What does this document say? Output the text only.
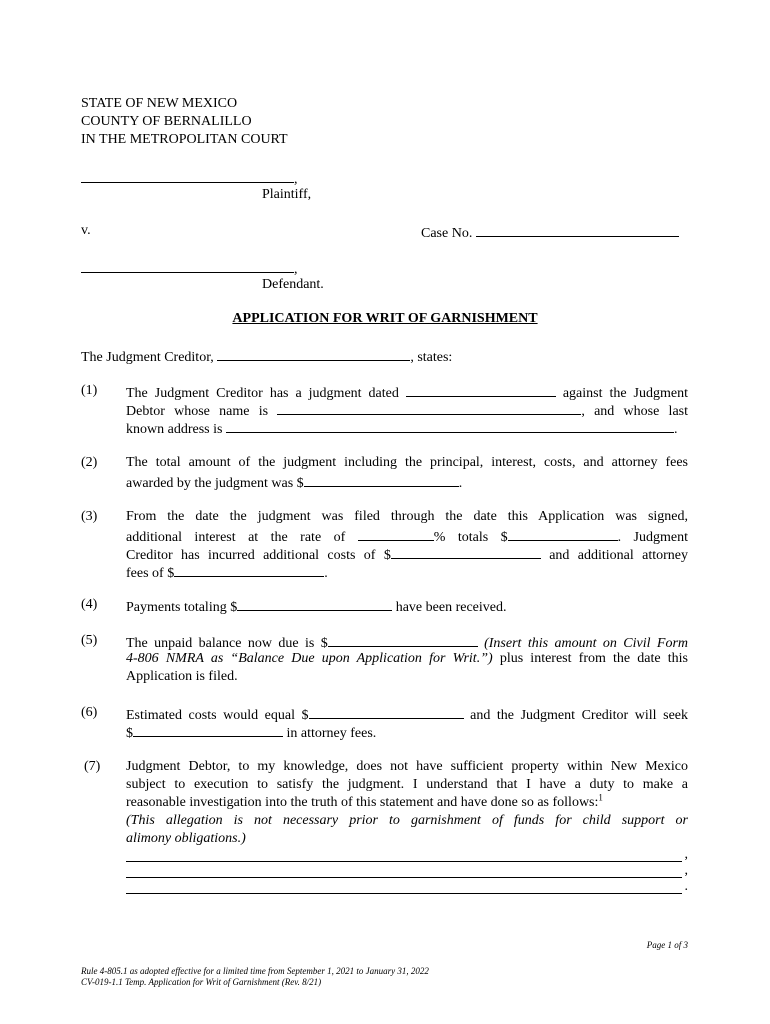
STATE OF NEW MEXICO
COUNTY OF BERNALILLO
IN THE METROPOLITAN COURT
,
Plaintiff,
v.	Case No.
,
Defendant.
APPLICATION FOR WRIT OF GARNISHMENT
The Judgment Creditor,	, states:
(1) The Judgment Creditor has a judgment dated	against the Judgment
Debtor whose name is	, and whose last
known address is	.
(2) The total amount of the judgment including the principal, interest, costs, and attorney fees
awarded by the judgment was $	.
(3) From the date the judgment was filed through the date this Application was signed,
additional interest at the rate of	% totals $	. Judgment
Creditor has incurred additional costs of $	and additional attorney
fees of $	.
(4) Payments totaling $	have been received.
(5) The unpaid balance now due is $	(Insert this amount on Civil Form
4-806 NMRA as “Balance Due upon Application for Writ.”) plus interest from the date this
Application is filed.
(6) Estimated costs would equal $	and the Judgment Creditor will seek
$	in attorney fees.
(7) Judgment Debtor, to my knowledge, does not have sufficient property within New Mexico
subject to execution to satisfy the judgment. I understand that I have a duty to make a
reasonable investigation into the truth of this statement and have done so as follows:$^1$
(This allegation is not necessary prior to garnishment of funds for child support or
alimony obligations.)
,
,
.
Page 1 of 3
Rule 4-805.1 as adopted effective for a limited time from September 1, 2021 to January 31, 2022
CV-019-1.1 Temp. Application for Writ of Garnishment (Rev. 8/21)
